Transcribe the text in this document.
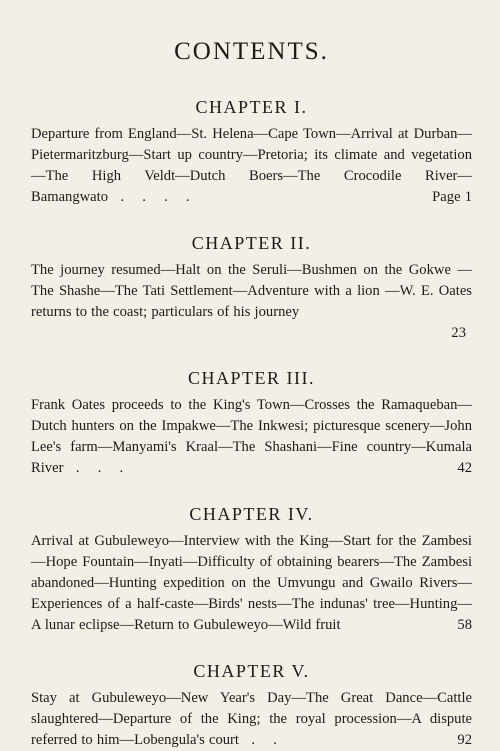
CONTENTS.
CHAPTER I.

Departure from England—St. Helena—Cape Town—Arrival at Durban—Pietermaritzburg—Start up country—Pretoria; its climate and vegetation—The High Veldt—Dutch Boers—The Crocodile River—Bamangwato . . . .	Page 1

CHAPTER II.

The journey resumed—Halt on the Seruli—Bushmen on the Gokwe —The Shashe—The Tati Settlement—Adventure with a lion —W. E. Oates returns to the coast; particulars of his journey

23

CHAPTER III.

Frank Oates proceeds to the King's Town—Crosses the Ramaqueban—Dutch hunters on the Impakwe—The Inkwesi; picturesque scenery—John Lee's farm—Manyami's Kraal—The Shashani—Fine country—Kumala River . . .	42

CHAPTER IV.

Arrival at Gubuleweyo—Interview with the King—Start for the Zambesi—Hope Fountain—Inyati—Difficulty of obtaining bearers—The Zambesi abandoned—Hunting expedition on the Umvungu and Gwailo Rivers—Experiences of a half-caste—Birds' nests—The indunas' tree—Hunting—A lunar eclipse—Return to Gubuleweyo—Wild fruit	58

CHAPTER V.

Stay at Gubuleweyo—New Year's Day—The Great Dance—Cattle slaughtered—Departure of the King; the royal procession—A dispute referred to him—Lobengula's court . .	92
